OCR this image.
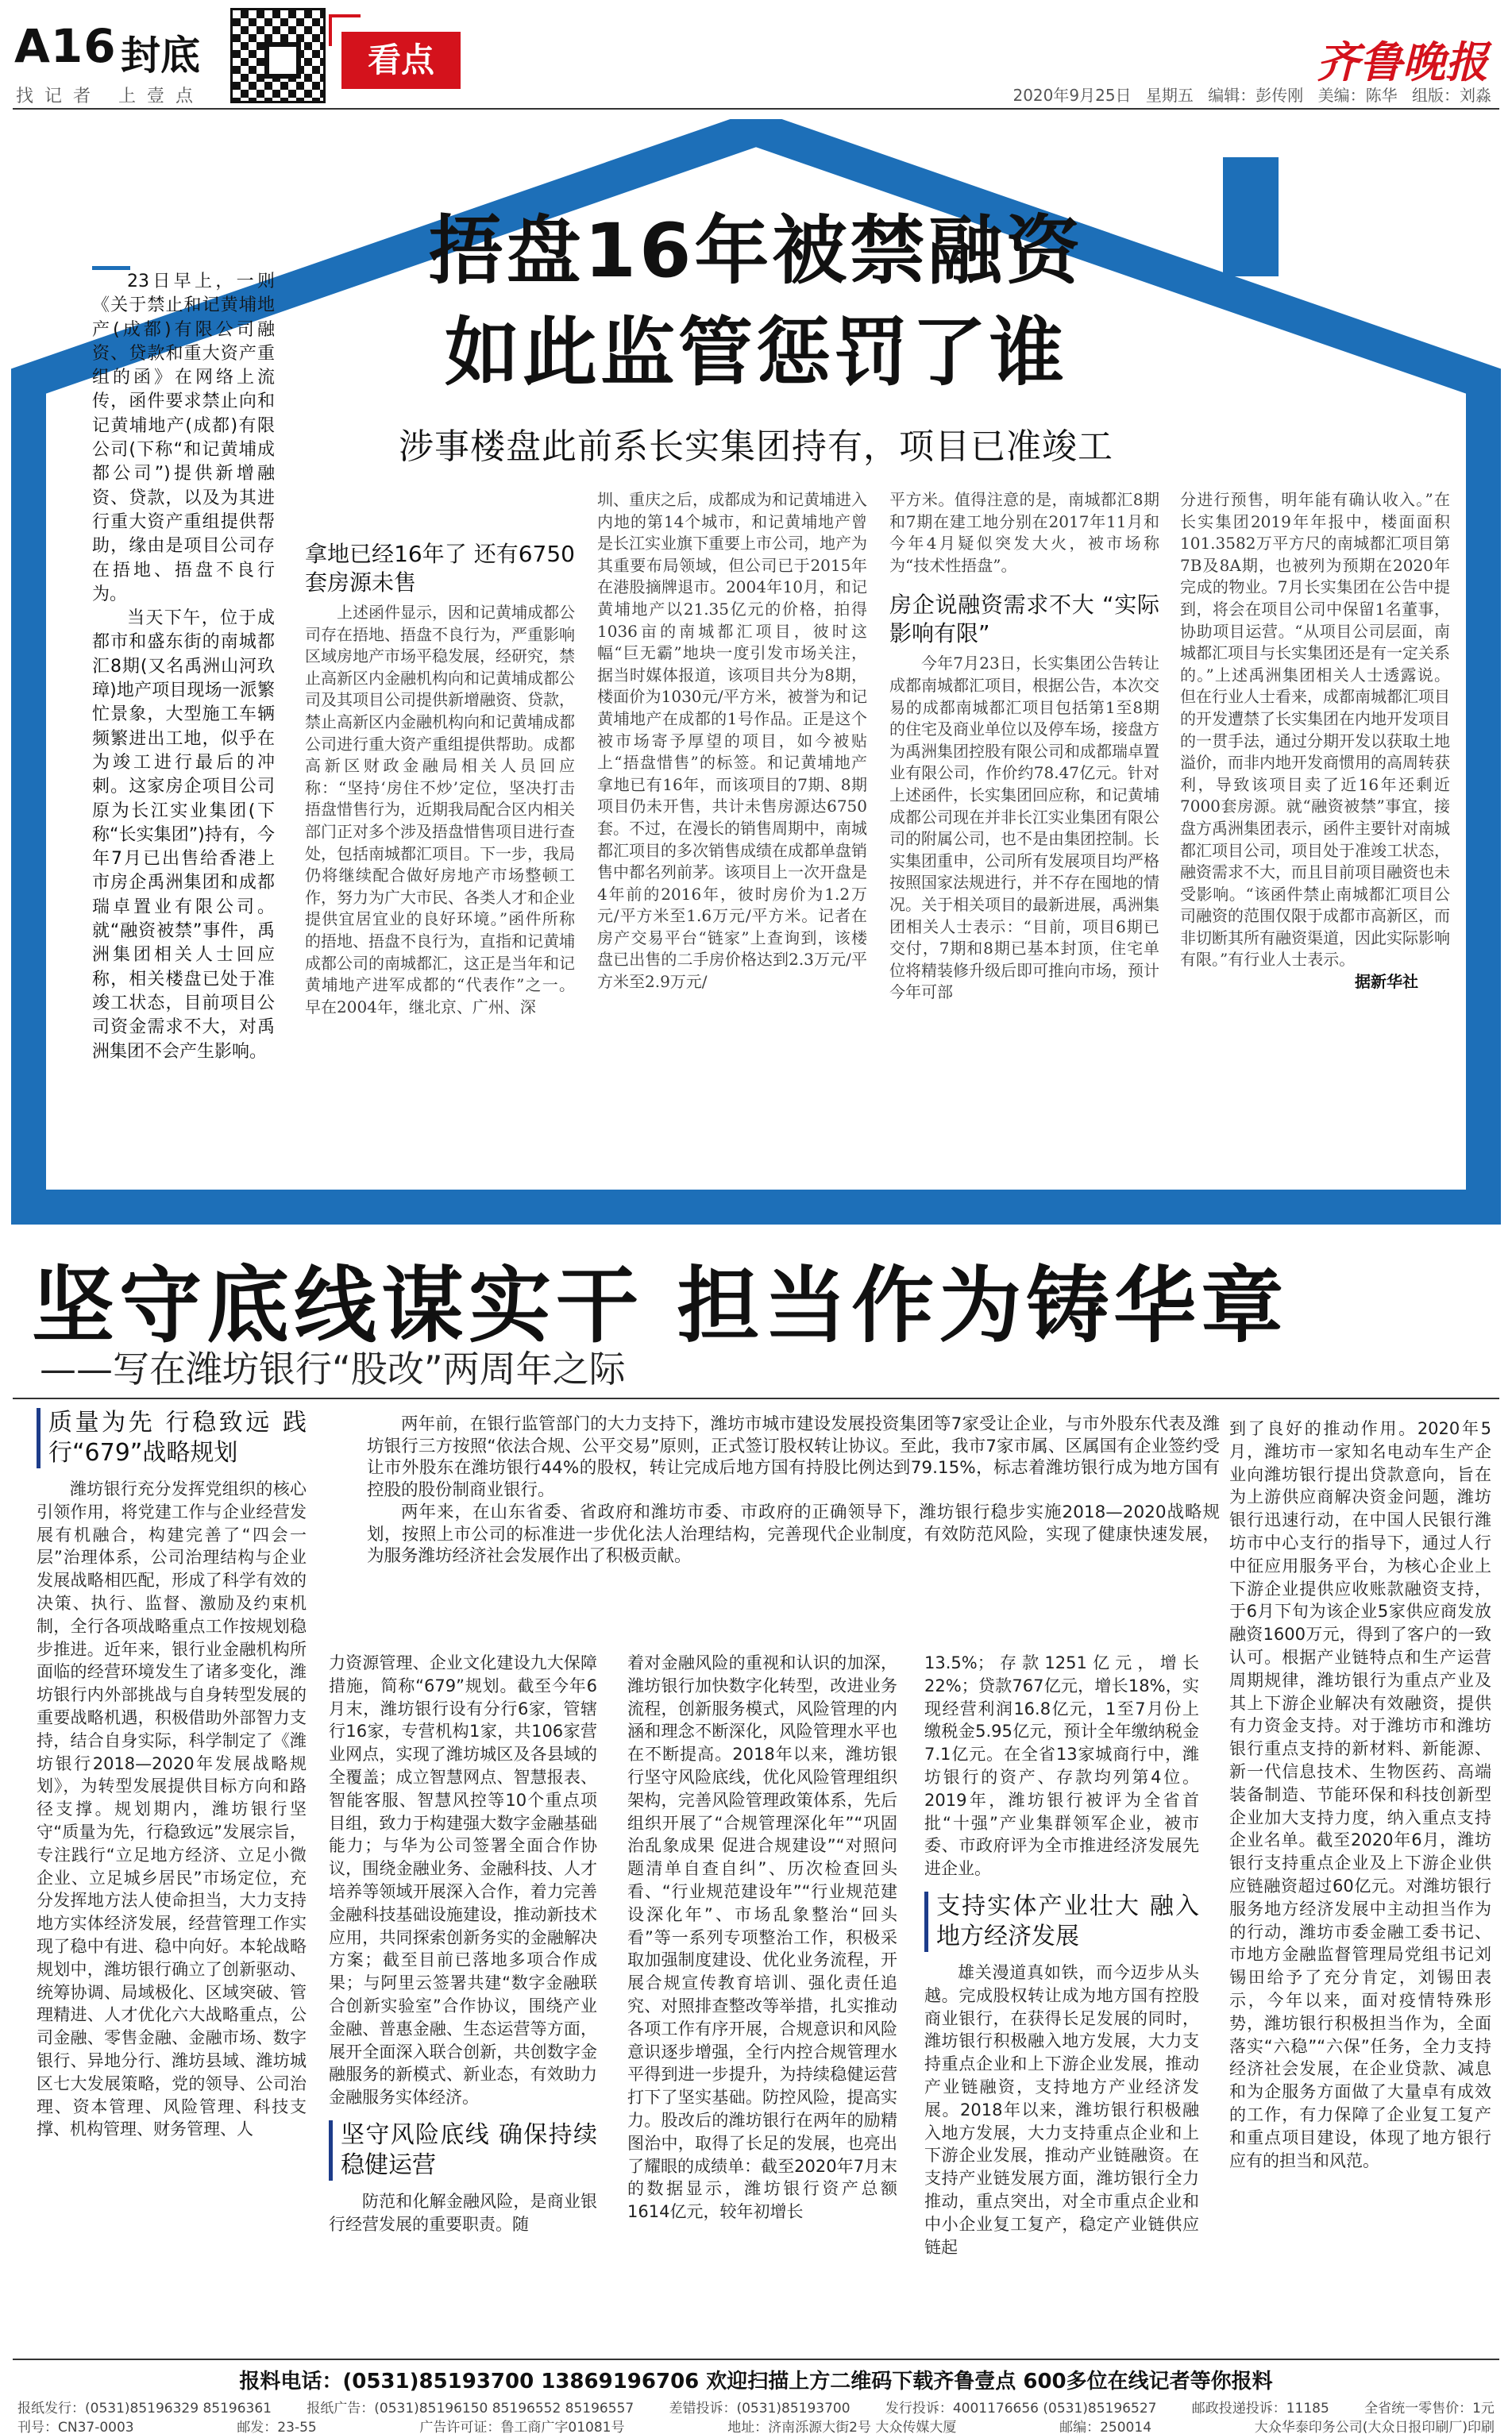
A16 封底	看点
找记者 上壹点
齐鲁晚报
2020年9月25日 星期五 编辑：彭传刚 美编：陈华 组版：刘淼
捂盘16年被禁融资
如此监管惩罚了谁
涉事楼盘此前系长实集团持有，项目已准竣工

23日早上，一则《关于禁止和记黄埔地产(成都)有限公司融资、贷款和重大资产重组的函》在网络上流传，函件要求禁止向和记黄埔地产(成都)有限公司(下称“和记黄埔成都公司”)提供新增融资、贷款，以及为其进行重大资产重组提供帮助，缘由是项目公司存在捂地、捂盘不良行为。

当天下午，位于成都市和盛东街的南城都汇8期(又名禹洲山河玖璋)地产项目现场一派繁忙景象，大型施工车辆频繁进出工地，似乎在为竣工进行最后的冲刺。这家房企项目公司原为长江实业集团(下称“长实集团”)持有，今年7月已出售给香港上市房企禹洲集团和成都瑞卓置业有限公司。就“融资被禁”事件，禹洲集团相关人士回应称，相关楼盘已处于准竣工状态，目前项目公司资金需求不大，对禹洲集团不会产生影响。

拿地已经16年了 还有6750套房源未售

上述函件显示，因和记黄埔成都公司存在捂地、捂盘不良行为，严重影响区域房地产市场平稳发展，经研究，禁止高新区内金融机构向和记黄埔成都公司及其项目公司提供新增融资、贷款，禁止高新区内金融机构向和记黄埔成都公司进行重大资产重组提供帮助。成都高新区财政金融局相关人员回应称：“坚持‘房住不炒’定位，坚决打击捂盘惜售行为，近期我局配合区内相关部门正对多个涉及捂盘惜售项目进行查处，包括南城都汇项目。下一步，我局仍将继续配合做好房地产市场整顿工作，努力为广大市民、各类人才和企业提供宜居宜业的良好环境。”函件所称的捂地、捂盘不良行为，直指和记黄埔成都公司的南城都汇，这正是当年和记黄埔地产进军成都的“代表作”之一。早在2004年，继北京、广州、深

圳、重庆之后，成都成为和记黄埔进入内地的第14个城市，和记黄埔地产曾是长江实业旗下重要上市公司，地产为其重要布局领域，但公司已于2015年在港股摘牌退市。2004年10月，和记黄埔地产以21.35亿元的价格，拍得1036亩的南城都汇项目，彼时这幅“巨无霸”地块一度引发市场关注，据当时媒体报道，该项目共分为8期，楼面价为1030元/平方米，被誉为和记黄埔地产在成都的1号作品。正是这个被市场寄予厚望的项目，如今被贴上“捂盘惜售”的标签。和记黄埔地产拿地已有16年，而该项目的7期、8期项目仍未开售，共计未售房源达6750套。不过，在漫长的销售周期中，南城都汇项目的多次销售成绩在成都单盘销售中都名列前茅。该项目上一次开盘是4年前的2016年，彼时房价为1.2万元/平方米至1.6万元/平方米。记者在房产交易平台“链家”上查询到，该楼盘已出售的二手房价格达到2.3万元/平方米至2.9万元/

平方米。值得注意的是，南城都汇8期和7期在建工地分别在2017年11月和今年4月疑似突发大火，被市场称为“技术性捂盘”。

房企说融资需求不大 “实际影响有限”

今年7月23日，长实集团公告转让成都南城都汇项目，根据公告，本次交易的成都南城都汇项目包括第1至8期的住宅及商业单位以及停车场，接盘方为禹洲集团控股有限公司和成都瑞卓置业有限公司，作价约78.47亿元。针对上述函件，长实集团回应称，和记黄埔成都公司现在并非长江实业集团有限公司的附属公司，也不是由集团控制。长实集团重申，公司所有发展项目均严格按照国家法规进行，并不存在囤地的情况。关于相关项目的最新进展，禹洲集团相关人士表示：“目前，项目6期已交付，7期和8期已基本封顶，住宅单位将精装修升级后即可推向市场，预计今年可部

分进行预售，明年能有确认收入。”在长实集团2019年年报中，楼面面积101.3582万平方尺的南城都汇项目第7B及8A期，也被列为预期在2020年完成的物业。7月长实集团在公告中提到，将会在项目公司中保留1名董事，协助项目运营。“从项目公司层面，南城都汇项目与长实集团还是有一定关系的。”上述禹洲集团相关人士透露说。但在行业人士看来，成都南城都汇项目的开发遭禁了长实集团在内地开发项目的一贯手法，通过分期开发以获取土地溢价，而非内地开发商惯用的高周转获利，导致该项目卖了近16年还剩近7000套房源。就“融资被禁”事宜，接盘方禹洲集团表示，函件主要针对南城都汇项目公司，项目处于准竣工状态，融资需求不大，而且目前项目融资也未受影响。“该函件禁止南城都汇项目公司融资的范围仅限于成都市高新区，而非切断其所有融资渠道，因此实际影响有限。”有行业人士表示。

据新华社

坚守底线谋实干 担当作为铸华章
——写在潍坊银行“股改”两周年之际

两年前，在银行监管部门的大力支持下，潍坊市城市建设发展投资集团等7家受让企业，与市外股东代表及潍坊银行三方按照“依法合规、公平交易”原则，正式签订股权转让协议。至此，我市7家市属、区属国有企业签约受让市外股东在潍坊银行44%的股权，转让完成后地方国有持股比例达到79.15%，标志着潍坊银行成为地方国有控股的股份制商业银行。

两年来，在山东省委、省政府和潍坊市委、市政府的正确领导下，潍坊银行稳步实施2018—2020战略规划，按照上市公司的标准进一步优化法人治理结构，完善现代企业制度，有效防范风险，实现了健康快速发展，为服务潍坊经济社会发展作出了积极贡献。

质量为先 行稳致远 践行“679”战略规划

潍坊银行充分发挥党组织的核心引领作用，将党建工作与企业经营发展有机融合，构建完善了“四会一层”治理体系，公司治理结构与企业发展战略相匹配，形成了科学有效的决策、执行、监督、激励及约束机制，全行各项战略重点工作按规划稳步推进。近年来，银行业金融机构所面临的经营环境发生了诸多变化，潍坊银行内外部挑战与自身转型发展的重要战略机遇，积极借助外部智力支持，结合自身实际，科学制定了《潍坊银行2018—2020年发展战略规划》，为转型发展提供目标方向和路径支撑。规划期内，潍坊银行坚守“质量为先，行稳致远”发展宗旨，专注践行“立足地方经济、立足小微企业、立足城乡居民”市场定位，充分发挥地方法人使命担当，大力支持地方实体经济发展，经营管理工作实现了稳中有进、稳中向好。本轮战略规划中，潍坊银行确立了创新驱动、统筹协调、局域极化、区域突破、管理精进、人才优化六大战略重点，公司金融、零售金融、金融市场、数字银行、异地分行、潍坊县域、潍坊城区七大发展策略，党的领导、公司治理、资本管理、风险管理、科技支撑、机构管理、财务管理、人

力资源管理、企业文化建设九大保障措施，简称“679”规划。截至今年6月末，潍坊银行设有分行6家，管辖行16家，专营机构1家，共106家营业网点，实现了潍坊城区及各县域的全覆盖；成立智慧网点、智慧报表、智能客服、智慧风控等10个重点项目组，致力于构建强大数字金融基础能力；与华为公司签署全面合作协议，围绕金融业务、金融科技、人才培养等领域开展深入合作，着力完善金融科技基础设施建设，推动新技术应用，共同探索创新务实的金融解决方案；截至目前已落地多项合作成果；与阿里云签署共建“数字金融联合创新实验室”合作协议，围绕产业金融、普惠金融、生态运营等方面，展开全面深入联合创新，共创数字金融服务的新模式、新业态，有效助力金融服务实体经济。

坚守风险底线 确保持续稳健运营

防范和化解金融风险，是商业银行经营发展的重要职责。随

着对金融风险的重视和认识的加深，潍坊银行加快数字化转型，改进业务流程，创新服务模式，风险管理的内涵和理念不断深化，风险管理水平也在不断提高。2018年以来，潍坊银行坚守风险底线，优化风险管理组织架构，完善风险管理政策体系，先后组织开展了“合规管理深化年”“巩固治乱象成果 促进合规建设”“对照问题清单自查自纠”、历次检查回头看、“行业规范建设年”“行业规范建设深化年”、市场乱象整治“回头看”等一系列专项整治工作，积极采取加强制度建设、优化业务流程，开展合规宣传教育培训、强化责任追究、对照排查整改等举措，扎实推动各项工作有序开展，合规意识和风险意识逐步增强，全行内控合规管理水平得到进一步提升，为持续稳健运营打下了坚实基础。防控风险，提高实力。股改后的潍坊银行在两年的励精图治中，取得了长足的发展，也亮出了耀眼的成绩单：截至2020年7月末的数据显示，潍坊银行资产总额1614亿元，较年初增长

13.5%；存款1251亿元，增长22%；贷款767亿元，增长18%，实现经营利润16.8亿元，1至7月份上缴税金5.95亿元，预计全年缴纳税金7.1亿元。在全省13家城商行中，潍坊银行的资产、存款均列第4位。2019年，潍坊银行被评为全省首批“十强”产业集群领军企业，被市委、市政府评为全市推进经济发展先进企业。

支持实体产业壮大 融入地方经济发展

雄关漫道真如铁，而今迈步从头越。完成股权转让成为地方国有控股商业银行，在获得长足发展的同时，潍坊银行积极融入地方发展，大力支持重点企业和上下游企业发展，推动产业链融资，支持地方产业经济发展。2018年以来，潍坊银行积极融入地方发展，大力支持重点企业和上下游企业发展，推动产业链融资。在支持产业链发展方面，潍坊银行全力推动，重点突出，对全市重点企业和中小企业复工复产，稳定产业链供应链起

到了良好的推动作用。2020年5月，潍坊市一家知名电动车生产企业向潍坊银行提出贷款意向，旨在为上游供应商解决资金问题，潍坊银行迅速行动，在中国人民银行潍坊市中心支行的指导下，通过人行中征应用服务平台，为核心企业上下游企业提供应收账款融资支持，于6月下旬为该企业5家供应商发放融资1600万元，得到了客户的一致认可。根据产业链特点和生产运营周期规律，潍坊银行为重点产业及其上下游企业解决有效融资，提供有力资金支持。对于潍坊市和潍坊银行重点支持的新材料、新能源、新一代信息技术、生物医药、高端装备制造、节能环保和科技创新型企业加大支持力度，纳入重点支持企业名单。截至2020年6月，潍坊银行支持重点企业及上下游企业供应链融资超过60亿元。对潍坊银行服务地方经济发展中主动担当作为的行动，潍坊市委金融工委书记、市地方金融监督管理局党组书记刘锡田给予了充分肯定，刘锡田表示，今年以来，面对疫情特殊形势，潍坊银行积极担当作为，全面落实“六稳”“六保”任务，全力支持经济社会发展，在企业贷款、减息和为企服务方面做了大量卓有成效的工作，有力保障了企业复工复产和重点项目建设，体现了地方银行应有的担当和风范。

报料电话：(0531)85193700 13869196706 欢迎扫描上方二维码下载齐鲁壹点 600多位在线记者等你报料
报纸发行：(0531)85196329 85196361	报纸广告：(0531)85196150 85196552 85196557	差错投诉：(0531)85193700	发行投诉：4001176656 (0531)85196527	邮政投递投诉：11185	全省统一零售价：1元
刊号：CN37-0003	邮发：23-55	广告许可证：鲁工商广字01081号	地址：济南泺源大街2号 大众传媒大厦	邮编：250014	大众华泰印务公司(大众日报印刷厂)印刷
